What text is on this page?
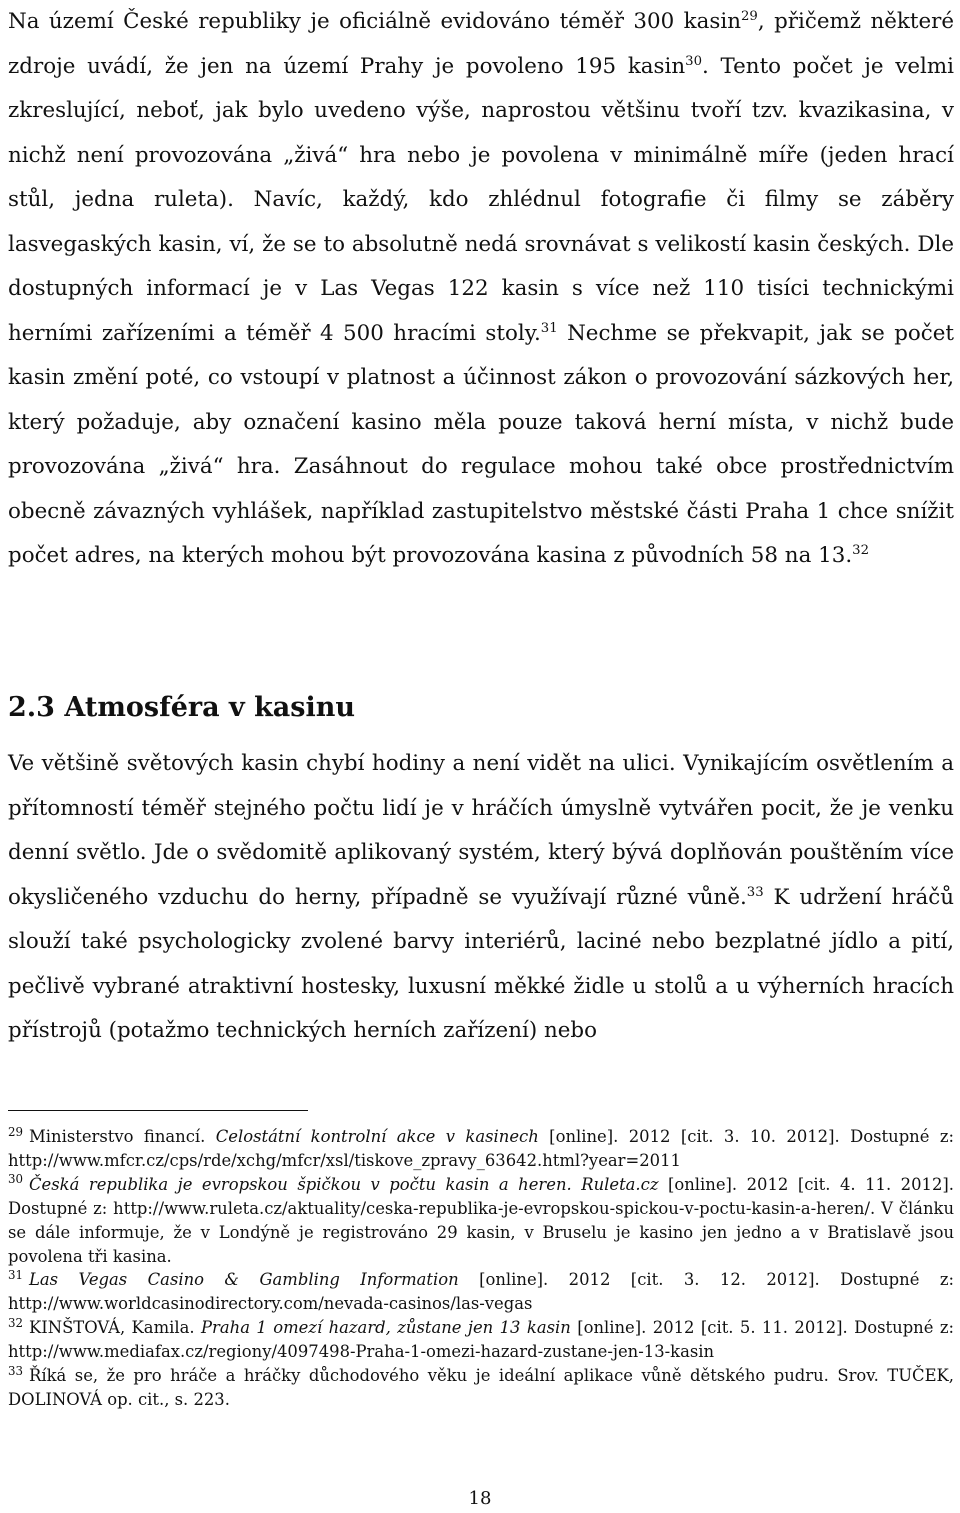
Na území České republiky je oficiálně evidováno téměř 300 kasin$^{29}$, přičemž některé zdroje uvádí, že jen na území Prahy je povoleno 195 kasin$^{30}$. Tento počet je velmi zkreslující, neboť, jak bylo uvedeno výše, naprostou většinu tvoří tzv. kvazikasina, v nichž není provozována „živá“ hra nebo je povolena v minimálně míře (jeden hrací stůl, jedna ruleta). Navíc, každý, kdo zhlédnul fotografie či filmy se záběry lasvegaských kasin, ví, že se to absolutně nedá srovnávat s velikostí kasin českých. Dle dostupných informací je v Las Vegas 122 kasin s více než 110 tisíci technickými herními zařízeními a téměř 4 500 hracími stoly.$^{31}$ Nechme se překvapit, jak se počet kasin změní poté, co vstoupí v platnost a účinnost zákon o provozování sázkových her, který požaduje, aby označení kasino měla pouze taková herní místa, v nichž bude provozována „živá“ hra. Zasáhnout do regulace mohou také obce prostřednictvím obecně závazných vyhlášek, například zastupitelstvo městské části Praha 1 chce snížit počet adres, na kterých mohou být provozována kasina z původních 58 na 13.32

2.3 Atmosféra v kasinu

Ve většině světových kasin chybí hodiny a není vidět na ulici. Vynikajícím osvětlením a přítomností téměř stejného počtu lidí je v hráčích úmyslně vytvářen pocit, že je venku denní světlo. Jde o svědomitě aplikovaný systém, který bývá doplňován pouštěním více okysličeného vzduchu do herny, případně se využívají různé vůně.$^{33}$ K udržení hráčů slouží také psychologicky zvolené barvy interiérů, laciné nebo bezplatné jídlo a pití, pečlivě vybrané atraktivní hostesky, luxusní měkké židle u stolů a u výherních hracích přístrojů (potažmo technických herních zařízení) nebo

$^{29}$ Ministerstvo financí. Celostátní kontrolní akce v kasinech [online]. 2012 [cit. 3. 10. 2012]. Dostupné z: http://www.mfcr.cz/cps/rde/xchg/mfcr/xsl/tiskove_zpravy_63642.html?year=2011

$^{30}$ Česká republika je evropskou špičkou v počtu kasin a heren. Ruleta.cz [online]. 2012 [cit. 4. 11. 2012]. Dostupné z: http://www.ruleta.cz/aktuality/ceska-republika-je-evropskou-spickou-v-poctu-kasin-a-heren/. V článku se dále informuje, že v Londýně je registrováno 29 kasin, v Bruselu je kasino jen jedno a v Bratislavě jsou povolena tři kasina.

$^{31}$ Las Vegas Casino & Gambling Information [online]. 2012 [cit. 3. 12. 2012]. Dostupné z: http://www.worldcasinodirectory.com/nevada-casinos/las-vegas

$^{32}$ KINŠTOVÁ, Kamila. Praha 1 omezí hazard, zůstane jen 13 kasin [online]. 2012 [cit. 5. 11. 2012]. Dostupné z: http://www.mediafax.cz/regiony/4097498-Praha-1-omezi-hazard-zustane-jen-13-kasin

$^{33}$ Říká se, že pro hráče a hráčky důchodového věku je ideální aplikace vůně dětského pudru. Srov. TUČEK, DOLINOVÁ op. cit., s. 223.

18
